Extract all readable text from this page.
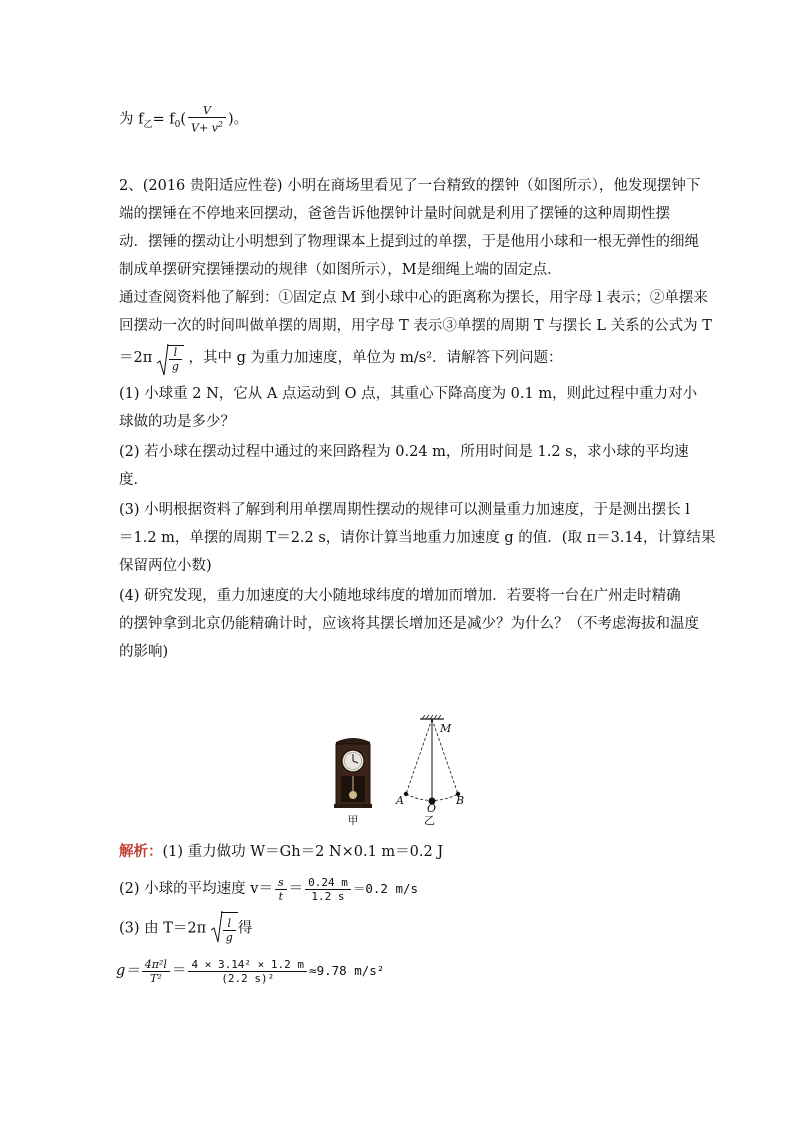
为 $f_乙= f_0( \frac{V}{V+ v^2}$ )。
2、(2016 贵阳适应性卷) 小明在商场里看见了一台精致的摆钟（如图所示），他发现摆钟下
端的摆锤在不停地来回摆动，爸爸告诉他摆钟计量时间就是利用了摆锤的这种周期性摆
动．摆锤的摆动让小明想到了物理课本上提到过的单摆，于是他用小球和一根无弹性的细绳
制成单摆研究摆锤摆动的规律（如图所示），M是细绳上端的固定点．
通过查阅资料他了解到：①固定点 M 到小球中心的距离称为摆长，用字母 l 表示；②单摆来
回摆动一次的时间叫做单摆的周期，用字母 T 表示③单摆的周期 T 与摆长 L 关系的公式为 T
$=2\pi \frac{l}{g}$ ，其中 g 为重力加速度，单位为 m/s²．请解答下列问题：
(1) 小球重 2 N，它从 A 点运动到 O 点，其重心下降高度为 0.1 m，则此过程中重力对小
球做的功是多少？
(2) 若小球在摆动过程中通过的来回路程为 0.24 m，所用时间是 1.2 s，求小球的平均速
度．
(3) 小明根据资料了解到利用单摆周期性摆动的规律可以测量重力加速度，于是测出摆长 l
＝1.2 m，单摆的周期 T＝2.2 s，请你计算当地重力加速度 g 的值．(取 π＝3.14，计算结果
保留两位小数)
(4) 研究发现，重力加速度的大小随地球纬度的增加而增加．若要将一台在广州走时精确
的摆钟拿到北京仍能精确计时，应该将其摆长增加还是减少？为什么？（不考虑海拔和温度
的影响)
甲
M
A
O
B
乙
解析：(1) 重力做功 W＝Gh＝2 N×0.1 m＝0.2 J
(2) 小球的平均速度 $v= \frac{s}{t} = \frac{0.24 m}{1.2 s} =0.2$ m/s
(3) 由 $T=2\pi \frac{l}{g}$ 得
$g= \frac{\text{4π²l}}{\text{T²}} = \frac{\text{4 × 3.14² × 1.2 m}}{\text{(2.2 s)²}} \approx 9.78$ m/s²
